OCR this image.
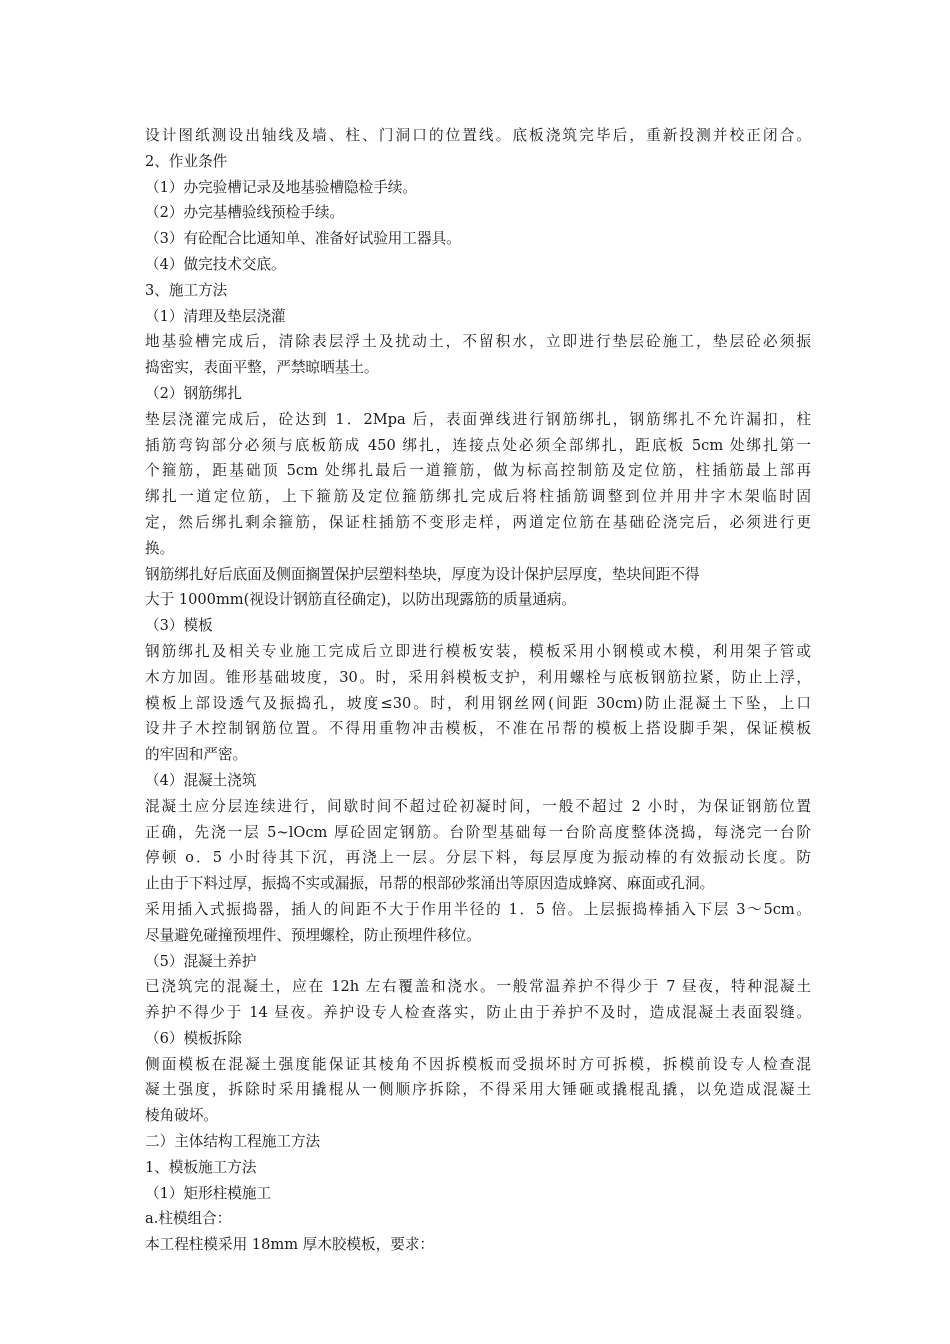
设计图纸测设出轴线及墙、柱、门洞口的位置线。底板浇筑完毕后，重新投测并校正闭合。
2、作业条件
（1）办完验槽记录及地基验槽隐检手续。
（2）办完基槽验线预检手续。
（3）有砼配合比通知单、准备好试验用工器具。
（4）做完技术交底。
3、施工方法
（1）清理及垫层浇灌
地基验槽完成后，清除表层浮土及扰动土，不留积水，立即进行垫层砼施工，垫层砼必须振
捣密实，表面平整，严禁晾晒基土。
（2）钢筋绑扎
垫层浇灌完成后，砼达到 1．2Mpa 后，表面弹线进行钢筋绑扎，钢筋绑扎不允许漏扣，柱
插筋弯钩部分必须与底板筋成 450 绑扎，连接点处必须全部绑扎，距底板 5cm 处绑扎第一
个箍筋，距基础顶 5cm 处绑扎最后一道箍筋，做为标高控制筋及定位筋，柱插筋最上部再
绑扎一道定位筋，上下箍筋及定位箍筋绑扎完成后将柱插筋调整到位并用井字木架临时固
定，然后绑扎剩余箍筋，保证柱插筋不变形走样，两道定位筋在基础砼浇完后，必须进行更
换。
钢筋绑扎好后底面及侧面搁置保护层塑料垫块，厚度为设计保护层厚度，垫块间距不得
大于 1000mm(视设计钢筋直径确定)，以防出现露筋的质量通病。
（3）模板
钢筋绑扎及相关专业施工完成后立即进行模板安装，模板采用小钢模或木模，利用架子管或
木方加固。锥形基础坡度，30。时，采用斜模板支护，利用螺栓与底板钢筋拉紧，防止上浮，
模板上部设透气及振捣孔，坡度≤30。时，利用钢丝网(间距 30cm)防止混凝土下坠，上口
设井子木控制钢筋位置。不得用重物冲击模板，不准在吊帮的模板上搭设脚手架，保证模板
的牢固和严密。
（4）混凝土浇筑
混凝土应分层连续进行，间歇时间不超过砼初凝时间，一般不超过 2 小时，为保证钢筋位置
正确，先浇一层 5~lOcm 厚砼固定钢筋。台阶型基础每一台阶高度整体浇捣，每浇完一台阶
停顿 o．5 小时待其下沉，再浇上一层。分层下料，每层厚度为振动棒的有效振动长度。防
止由于下料过厚，振捣不实或漏振，吊帮的根部砂浆涌出等原因造成蜂窝、麻面或孔洞。
采用插入式振捣器，插人的间距不大于作用半径的 1．5 倍。上层振捣棒插入下层 3～5cm。
尽量避免碰撞预埋件、预埋螺栓，防止预埋件移位。
（5）混凝土养护
已浇筑完的混凝土，应在 12h 左右覆盖和浇水。一般常温养护不得少于 7 昼夜，特种混凝土
养护不得少于 14 昼夜。养护设专人检查落实，防止由于养护不及时，造成混凝土表面裂缝。
（6）模板拆除
侧面模板在混凝土强度能保证其棱角不因拆模板而受损坏时方可拆模，拆模前设专人检查混
凝土强度，拆除时采用撬棍从一侧顺序拆除，不得采用大锤砸或撬棍乱撬，以免造成混凝土
棱角破坏。
二）主体结构工程施工方法
1、模板施工方法
（1）矩形柱模施工
a.柱模组合：
本工程柱模采用 18mm 厚木胶模板，要求：
